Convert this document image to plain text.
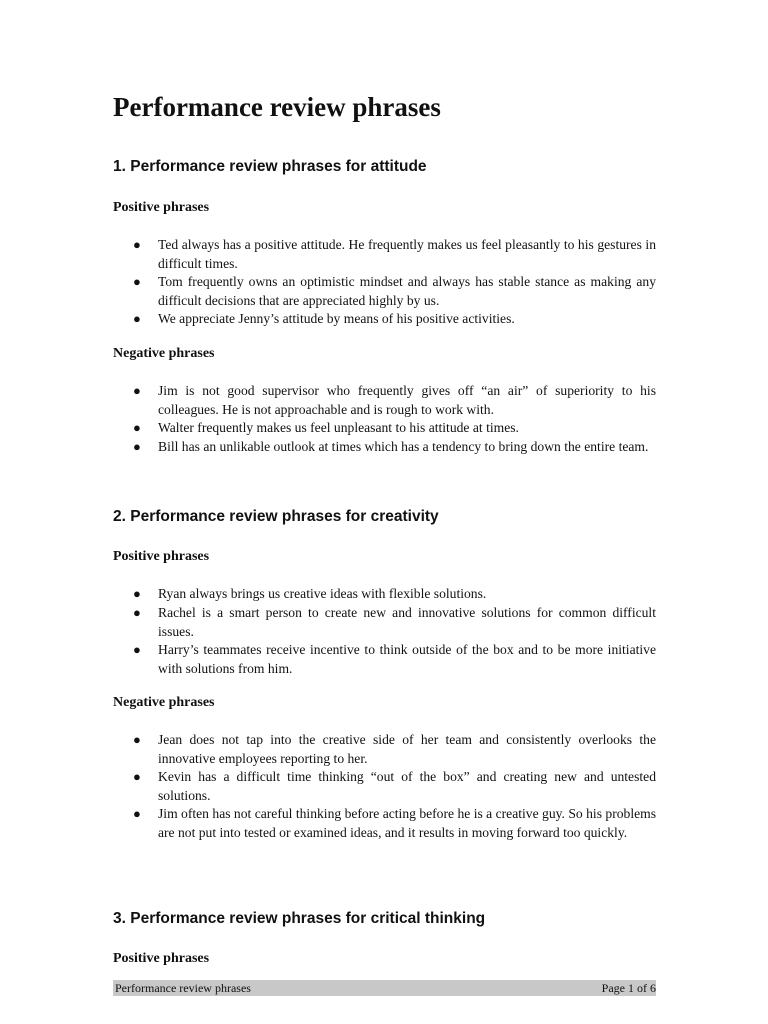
Performance review phrases
1. Performance review phrases for attitude
Positive phrases
●	Ted always has a positive attitude. He frequently makes us feel pleasantly to his gestures in difficult times.
●	Tom frequently owns an optimistic mindset and always has stable stance as making any difficult decisions that are appreciated highly by us.
●	We appreciate Jenny’s attitude by means of his positive activities.
Negative phrases
●	Jim is not good supervisor who frequently gives off “an air” of superiority to his colleagues. He is not approachable and is rough to work with.
●	Walter frequently makes us feel unpleasant to his attitude at times.
●	Bill has an unlikable outlook at times which has a tendency to bring down the entire team.
2. Performance review phrases for creativity
Positive phrases
●	Ryan always brings us creative ideas with flexible solutions.
●	Rachel is a smart person to create new and innovative solutions for common difficult issues.
●	Harry’s teammates receive incentive to think outside of the box and to be more initiative with solutions from him.
Negative phrases
●	Jean does not tap into the creative side of her team and consistently overlooks the innovative employees reporting to her.
●	Kevin has a difficult time thinking “out of the box” and creating new and untested solutions.
●	Jim often has not careful thinking before acting before he is a creative guy. So his problems are not put into tested or examined ideas, and it results in moving forward too quickly.
3. Performance review phrases for critical thinking
Positive phrases
Performance review phrases	Page 1 of 6
